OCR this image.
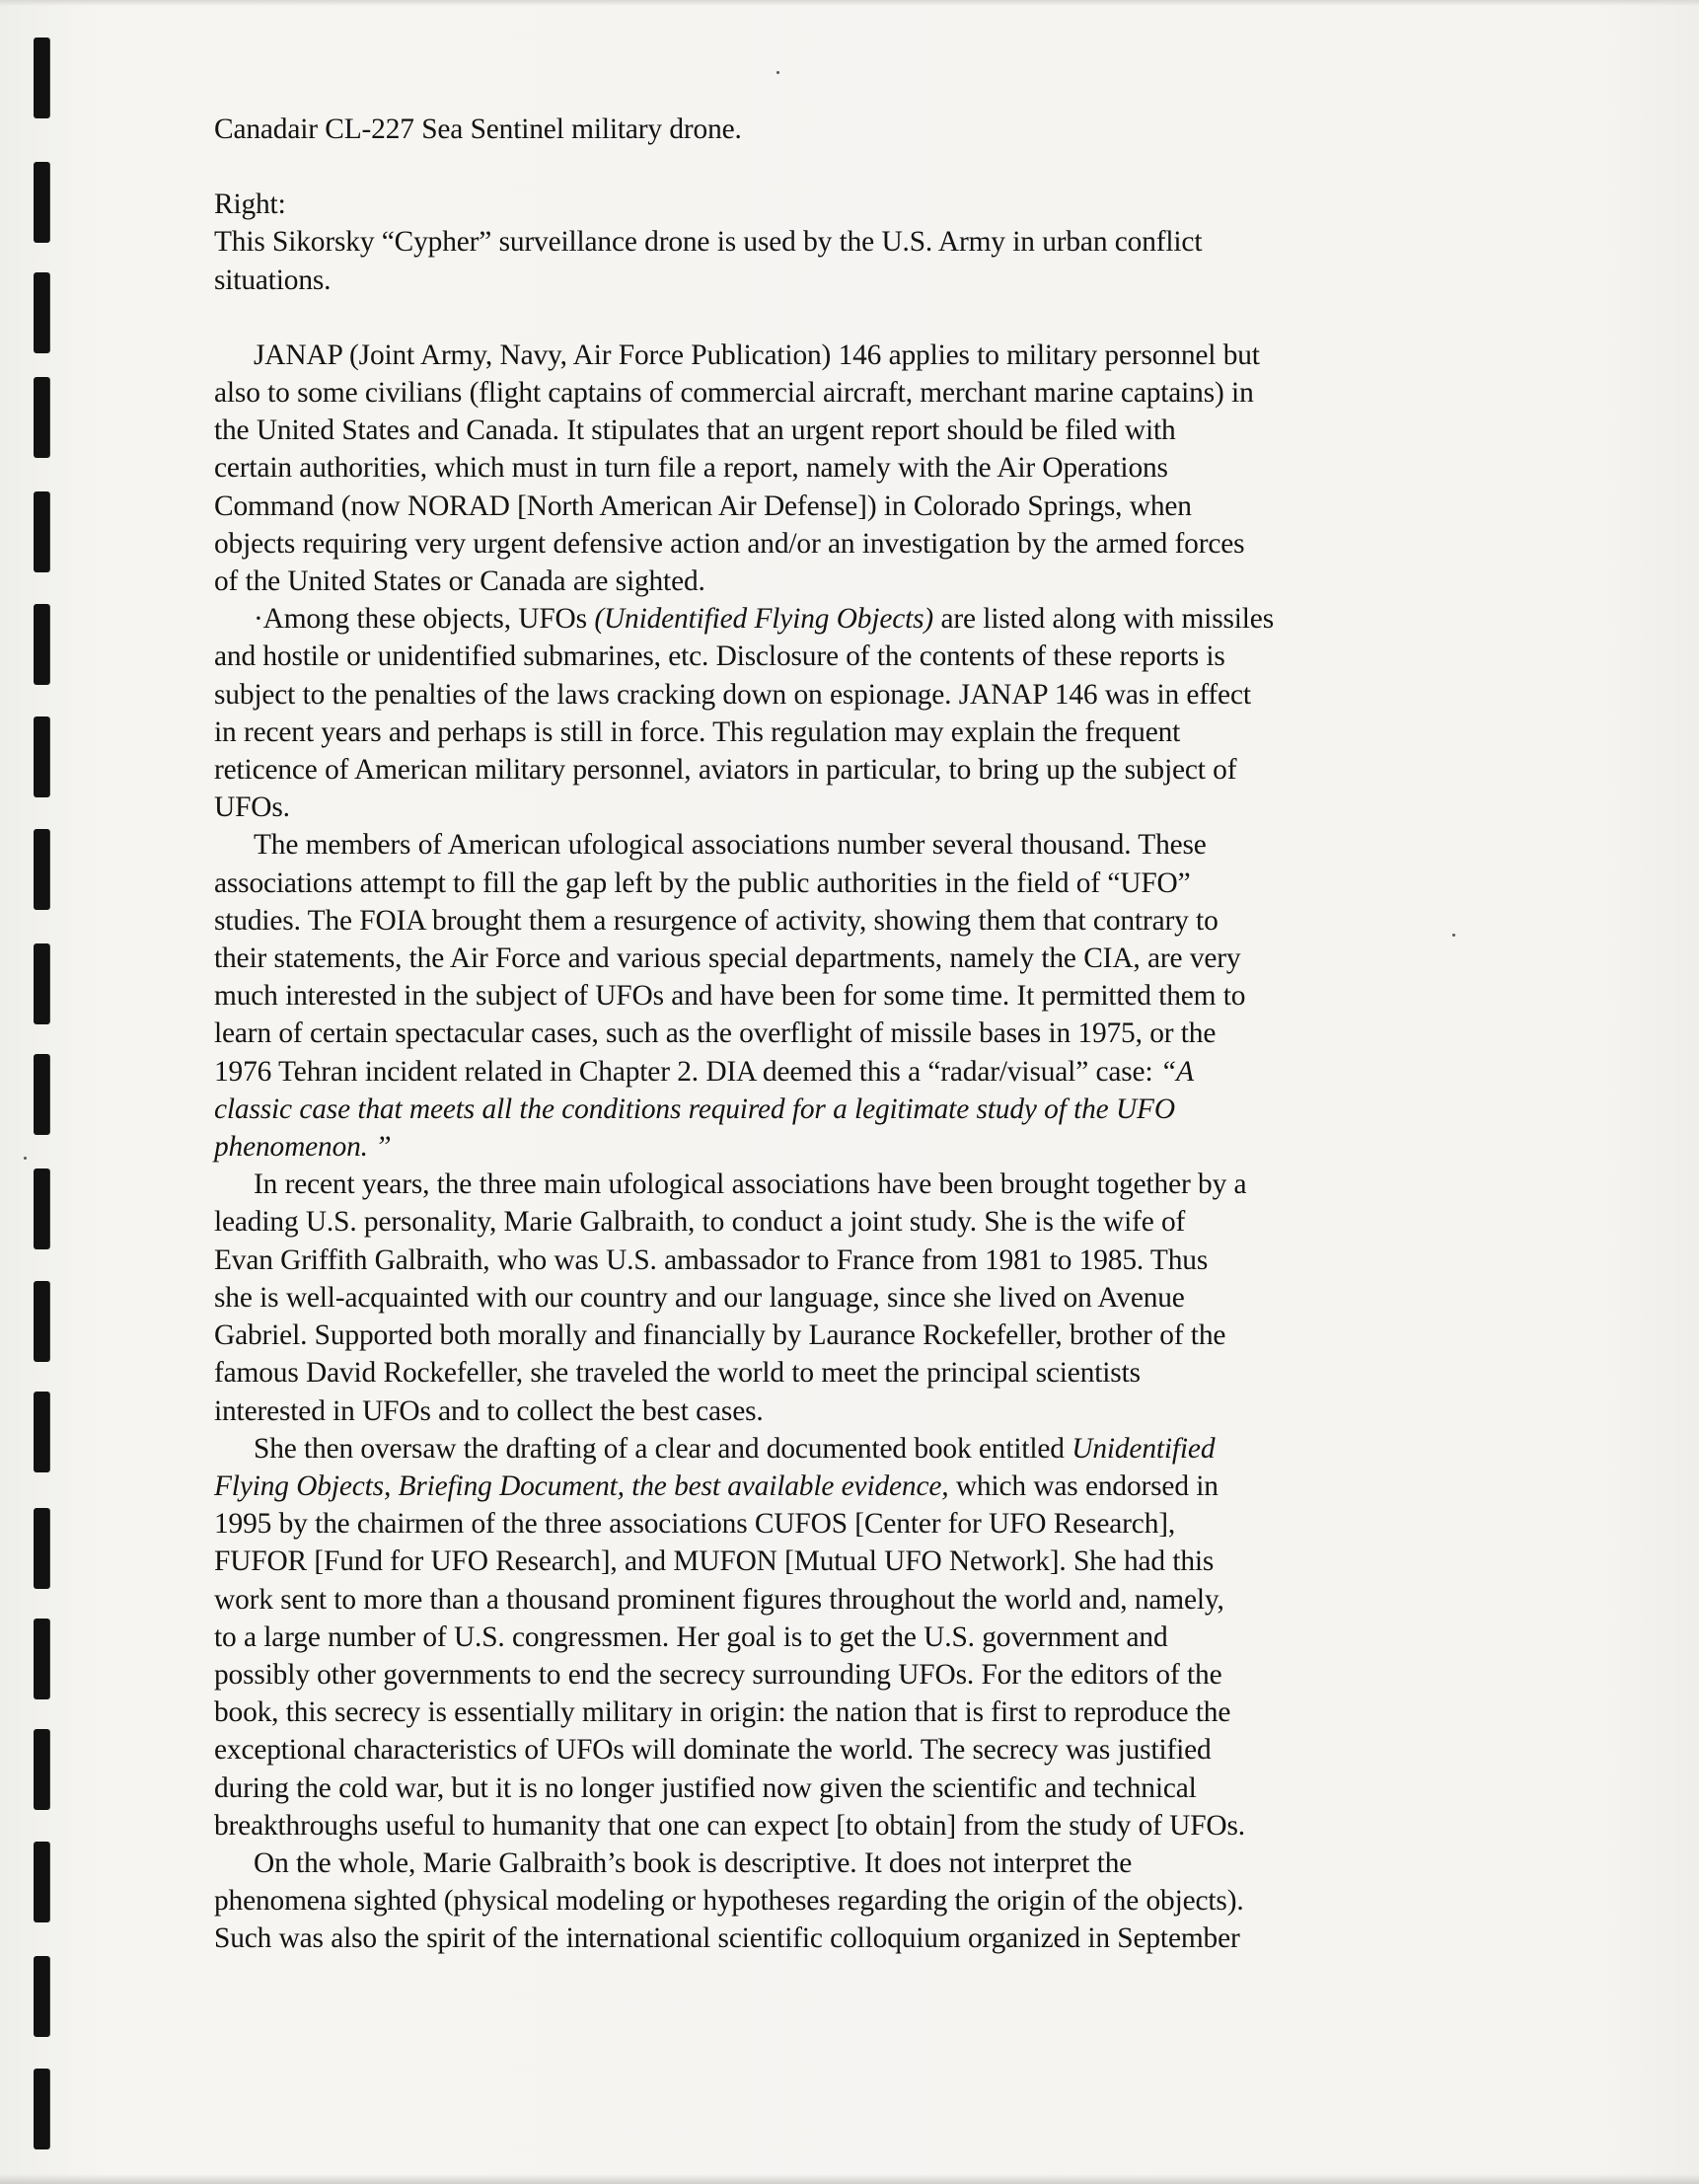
Canadair CL-227 Sea Sentinel military drone.
Right:
This Sikorsky “Cypher” surveillance drone is used by the U.S. Army in urban conflict
situations.
JANAP (Joint Army, Navy, Air Force Publication) 146 applies to military personnel but
also to some civilians (flight captains of commercial aircraft, merchant marine captains) in
the United States and Canada. It stipulates that an urgent report should be filed with
certain authorities, which must in turn file a report, namely with the Air Operations
Command (now NORAD [North American Air Defense]) in Colorado Springs, when
objects requiring very urgent defensive action and/or an investigation by the armed forces
of the United States or Canada are sighted.
·Among these objects, UFOs (Unidentified Flying Objects) are listed along with missiles
and hostile or unidentified submarines, etc. Disclosure of the contents of these reports is
subject to the penalties of the laws cracking down on espionage. JANAP 146 was in effect
in recent years and perhaps is still in force. This regulation may explain the frequent
reticence of American military personnel, aviators in particular, to bring up the subject of
UFOs.
The members of American ufological associations number several thousand. These
associations attempt to fill the gap left by the public authorities in the field of “UFO”
studies. The FOIA brought them a resurgence of activity, showing them that contrary to
their statements, the Air Force and various special departments, namely the CIA, are very
much interested in the subject of UFOs and have been for some time. It permitted them to
learn of certain spectacular cases, such as the overflight of missile bases in 1975, or the
1976 Tehran incident related in Chapter 2. DIA deemed this a “radar/visual” case: “A
classic case that meets all the conditions required for a legitimate study of the UFO
phenomenon. ”
In recent years, the three main ufological associations have been brought together by a
leading U.S. personality, Marie Galbraith, to conduct a joint study. She is the wife of
Evan Griffith Galbraith, who was U.S. ambassador to France from 1981 to 1985. Thus
she is well-acquainted with our country and our language, since she lived on Avenue
Gabriel. Supported both morally and financially by Laurance Rockefeller, brother of the
famous David Rockefeller, she traveled the world to meet the principal scientists
interested in UFOs and to collect the best cases.
She then oversaw the drafting of a clear and documented book entitled Unidentified
Flying Objects, Briefing Document, the best available evidence, which was endorsed in
1995 by the chairmen of the three associations CUFOS [Center for UFO Research],
FUFOR [Fund for UFO Research], and MUFON [Mutual UFO Network]. She had this
work sent to more than a thousand prominent figures throughout the world and, namely,
to a large number of U.S. congressmen. Her goal is to get the U.S. government and
possibly other governments to end the secrecy surrounding UFOs. For the editors of the
book, this secrecy is essentially military in origin: the nation that is first to reproduce the
exceptional characteristics of UFOs will dominate the world. The secrecy was justified
during the cold war, but it is no longer justified now given the scientific and technical
breakthroughs useful to humanity that one can expect [to obtain] from the study of UFOs.
On the whole, Marie Galbraith’s book is descriptive. It does not interpret the
phenomena sighted (physical modeling or hypotheses regarding the origin of the objects).
Such was also the spirit of the international scientific colloquium organized in September
